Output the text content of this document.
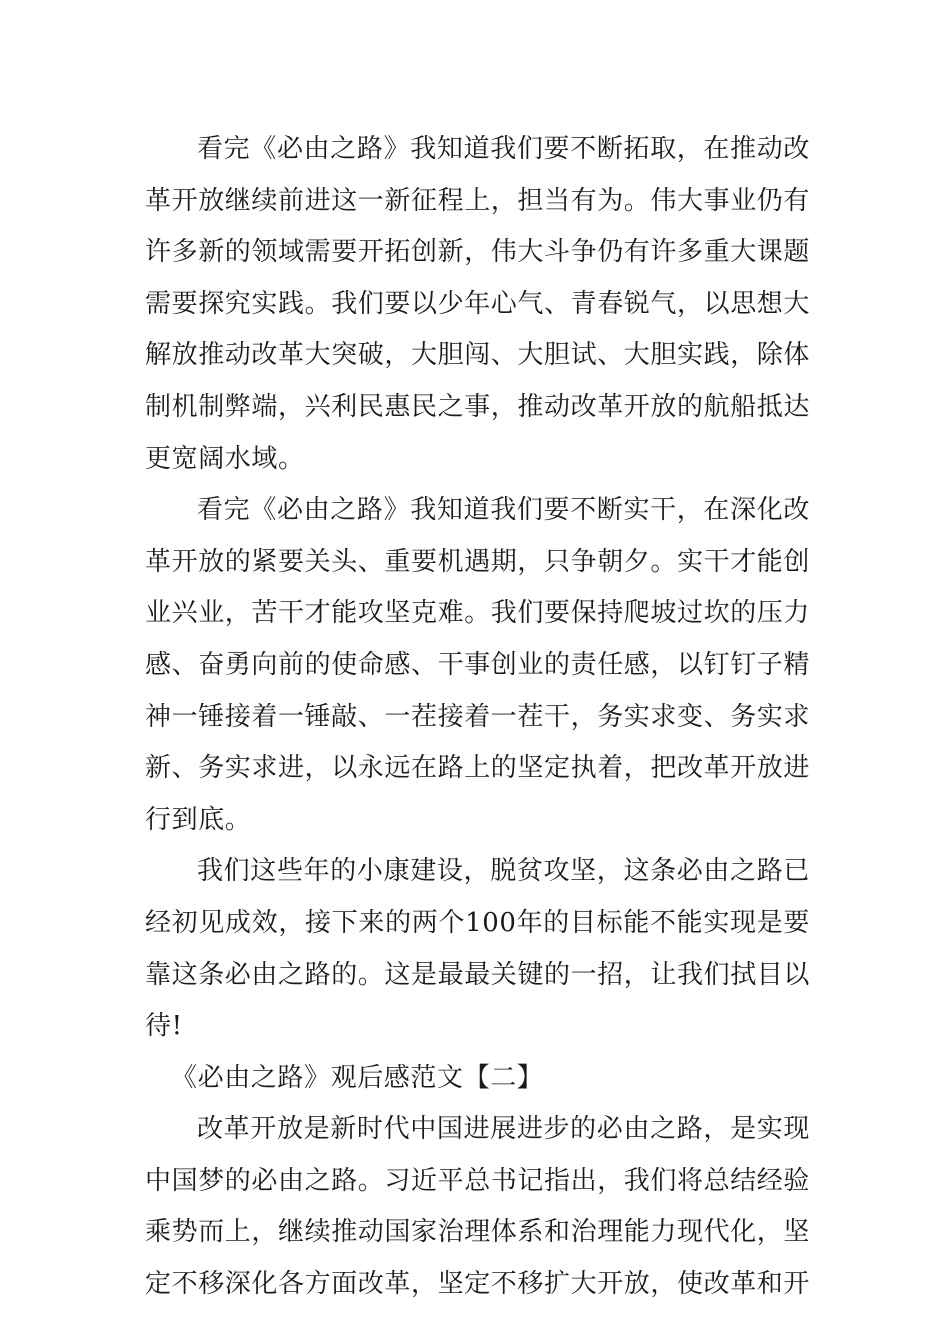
看完《必由之路》我知道我们要不断拓取，在推动改革开放继续前进这一新征程上，担当有为。伟大事业仍有许多新的领域需要开拓创新，伟大斗争仍有许多重大课题需要探究实践。我们要以少年心气、青春锐气，以思想大解放推动改革大突破，大胆闯、大胆试、大胆实践，除体制机制弊端，兴利民惠民之事，推动改革开放的航船抵达更宽阔水域。

看完《必由之路》我知道我们要不断实干，在深化改革开放的紧要关头、重要机遇期，只争朝夕。实干才能创业兴业，苦干才能攻坚克难。我们要保持爬坡过坎的压力感、奋勇向前的使命感、干事创业的责任感，以钉钉子精神一锤接着一锤敲、一茬接着一茬干，务实求变、务实求新、务实求进，以永远在路上的坚定执着，把改革开放进行到底。

我们这些年的小康建设，脱贫攻坚，这条必由之路已经初见成效，接下来的两个100年的目标能不能实现是要靠这条必由之路的。这是最最关键的一招，让我们拭目以待!

《必由之路》观后感范文【二】

改革开放是新时代中国进展进步的必由之路，是实现中国梦的必由之路。习近平总书记指出，我们将总结经验乘势而上，继续推动国家治理体系和治理能力现代化，坚定不移深化各方面改革，坚定不移扩大开放，使改革和开
